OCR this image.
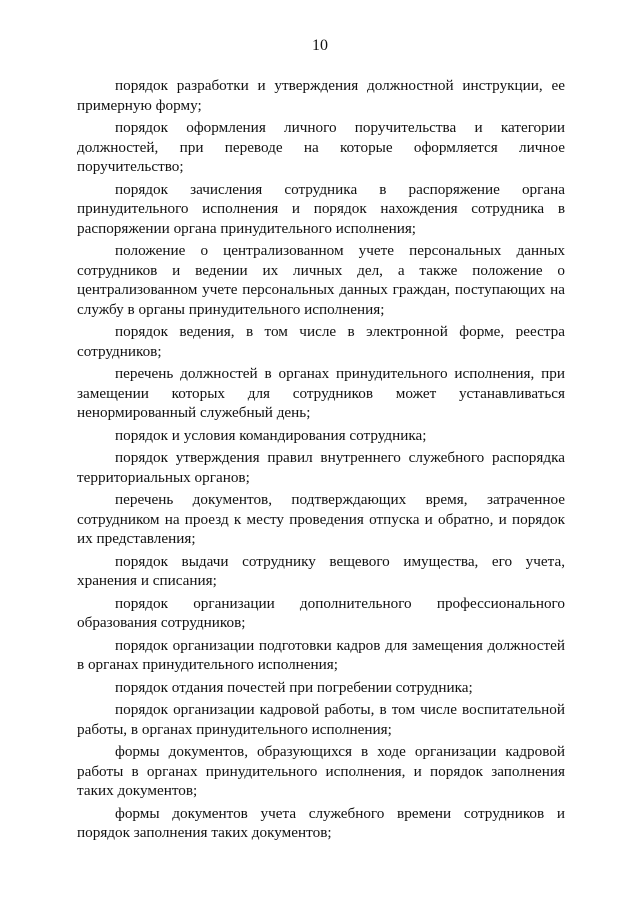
10

порядок разработки и утверждения должностной инструкции, ее примерную форму;

порядок оформления личного поручительства и категории должностей, при переводе на которые оформляется личное поручительство;

порядок зачисления сотрудника в распоряжение органа принудительного исполнения и порядок нахождения сотрудника в распоряжении органа принудительного исполнения;

положение о централизованном учете персональных данных сотрудников и ведении их личных дел, а также положение о централизованном учете персональных данных граждан, поступающих на службу в органы принудительного исполнения;

порядок ведения, в том числе в электронной форме, реестра сотрудников;

перечень должностей в органах принудительного исполнения, при замещении которых для сотрудников может устанавливаться ненормированный служебный день;

порядок и условия командирования сотрудника;

порядок утверждения правил внутреннего служебного распорядка территориальных органов;

перечень документов, подтверждающих время, затраченное сотрудником на проезд к месту проведения отпуска и обратно, и порядок их представления;

порядок выдачи сотруднику вещевого имущества, его учета, хранения и списания;

порядок организации дополнительного профессионального образования сотрудников;

порядок организации подготовки кадров для замещения должностей в органах принудительного исполнения;

порядок отдания почестей при погребении сотрудника;

порядок организации кадровой работы, в том числе воспитательной работы, в органах принудительного исполнения;

формы документов, образующихся в ходе организации кадровой работы в органах принудительного исполнения, и порядок заполнения таких документов;

формы документов учета служебного времени сотрудников и порядок заполнения таких документов;
